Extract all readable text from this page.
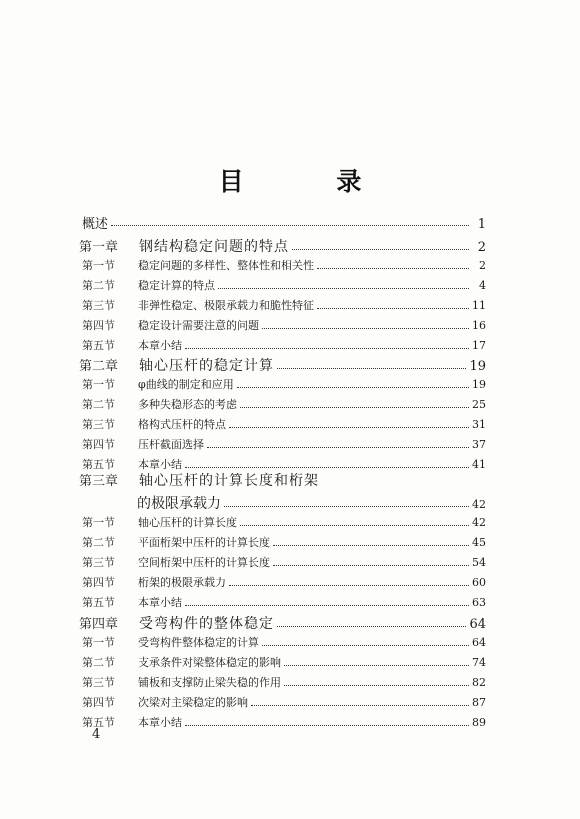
目 录
概述	1
第一章	钢结构稳定问题的特点	2
第一节	稳定问题的多样性、整体性和相关性	2
第二节	稳定计算的特点	4
第三节	非弹性稳定、极限承载力和脆性特征	11
第四节	稳定设计需要注意的问题	16
第五节	本章小结	17
第二章	轴心压杆的稳定计算	19
第一节	φ曲线的制定和应用	19
第二节	多种失稳形态的考虑	25
第三节	格构式压杆的特点	31
第四节	压杆截面选择	37
第五节	本章小结	41
第三章	轴心压杆的计算长度和桁架
的极限承载力	42
第一节	轴心压杆的计算长度	42
第二节	平面桁架中压杆的计算长度	45
第三节	空间桁架中压杆的计算长度	54
第四节	桁架的极限承载力	60
第五节	本章小结	63
第四章	受弯构件的整体稳定	64
第一节	受弯构件整体稳定的计算	64
第二节	支承条件对梁整体稳定的影响	74
第三节	铺板和支撑防止梁失稳的作用	82
第四节	次梁对主梁稳定的影响	87
第五节	本章小结	89
4
